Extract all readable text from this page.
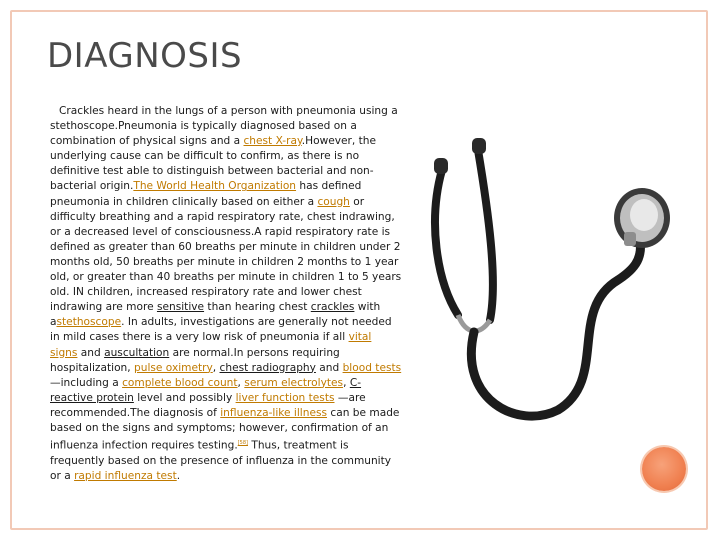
DIAGNOSIS
Crackles heard in the lungs of a person with pneumonia using a stethoscope.Pneumonia is typically diagnosed based on a combination of physical signs and a chest X-ray.However, the underlying cause can be difficult to confirm, as there is no definitive test able to distinguish between bacterial and non-bacterial origin.The World Health Organization has defined pneumonia in children clinically based on either a cough or difficulty breathing and a rapid respiratory rate, chest indrawing, or a decreased level of consciousness.A rapid respiratory rate is defined as greater than 60 breaths per minute in children under 2 months old, 50 breaths per minute in children 2 months to 1 year old, or greater than 40 breaths per minute in children 1 to 5 years old. IN children, increased respiratory rate and lower chest indrawing are more sensitive than hearing chest crackles with astethoscope. In adults, investigations are generally not needed in mild cases there is a very low risk of pneumonia if all vital signs and auscultation are normal.In persons requiring hospitalization, pulse oximetry, chest radiography and blood tests—including a complete blood count, serum electrolytes, C-reactive protein level and possibly liver function tests —are recommended.The diagnosis of influenza-like illness can be made based on the signs and symptoms; however, confirmation of an influenza infection requires testing.[58] Thus, treatment is frequently based on the presence of influenza in the community or a rapid influenza test.
